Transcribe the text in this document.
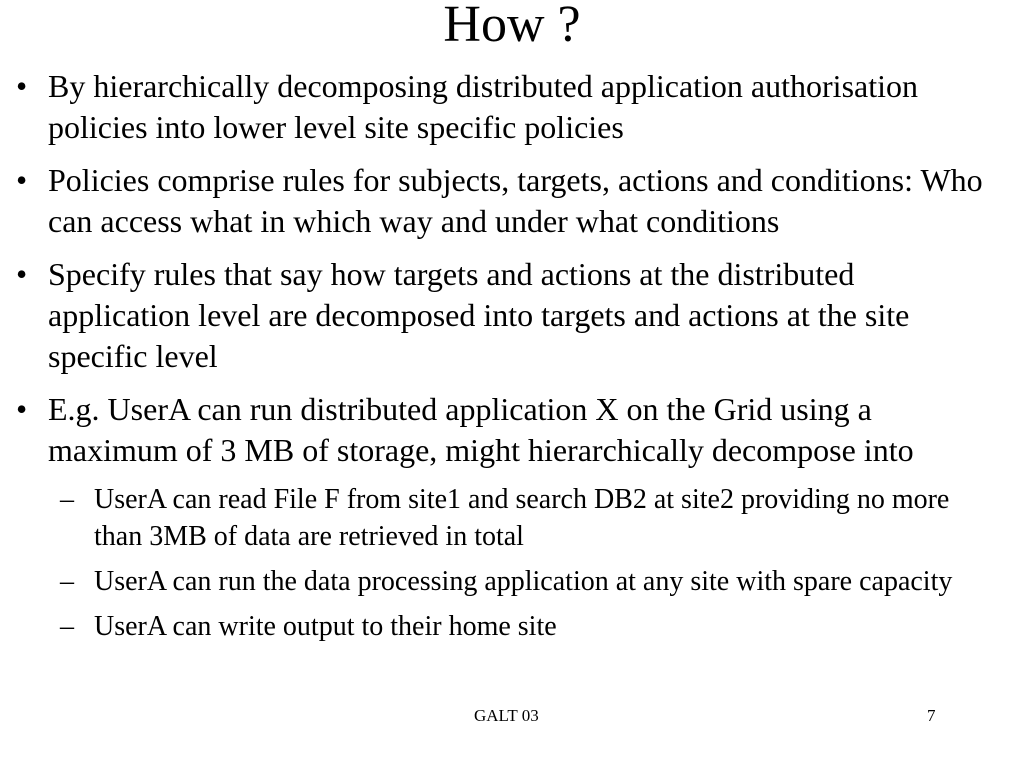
How ?
• By hierarchically decomposing distributed application authorisation policies into lower level site specific policies
• Policies comprise rules for subjects, targets, actions and conditions: Who can access what in which way and under what conditions
• Specify rules that say how targets and actions at the distributed application level are decomposed into targets and actions at the site specific level
• E.g. UserA can run distributed application X on the Grid using a maximum of 3 MB of storage, might hierarchically decompose into
– UserA can read File F from site1 and search DB2 at site2 providing no more than 3MB of data are retrieved in total
– UserA can run the data processing application at any site with spare capacity
– UserA can write output to their home site
GALT 03	7
